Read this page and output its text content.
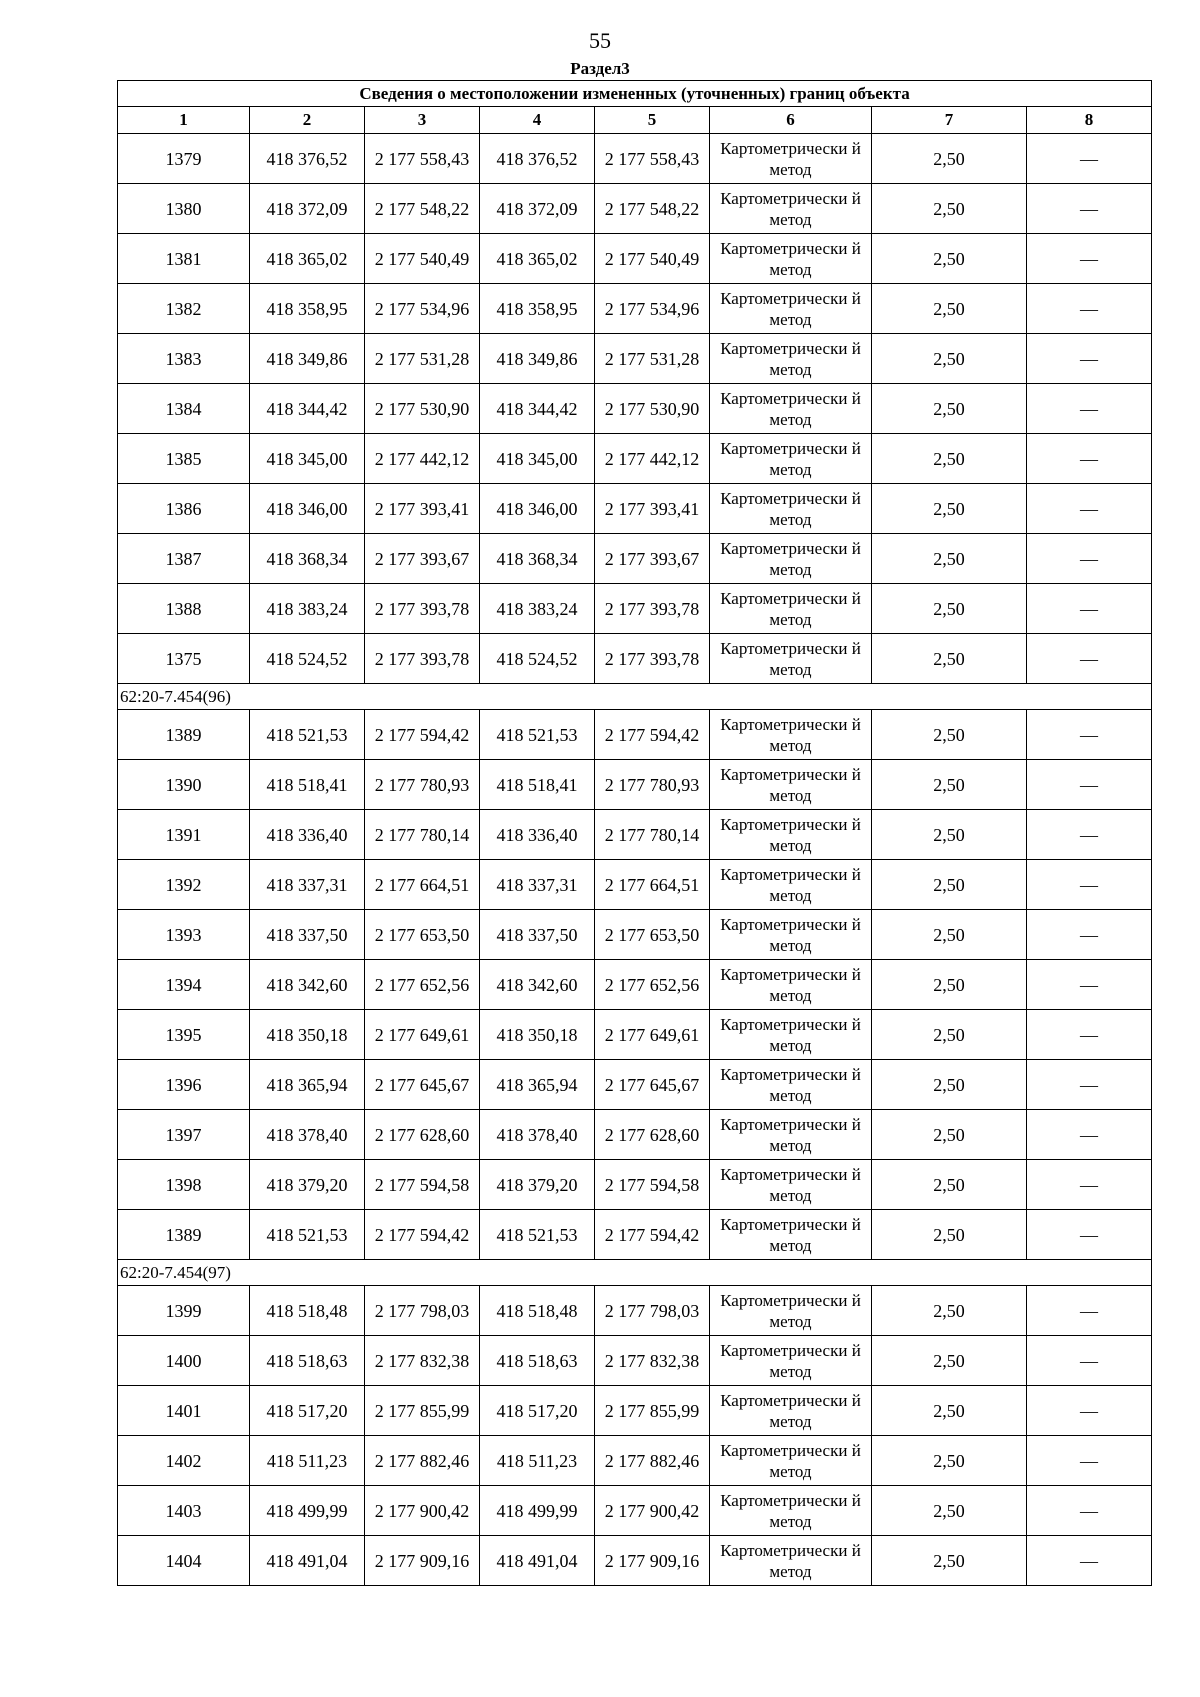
55
Раздел3
Сведения о местоположении измененных (уточненных) границ объекта							
1	2	3	4	5	6	7	8
1379	418 376,52	2 177 558,43	418 376,52	2 177 558,43	Картометрически й метод	2,50	—
1380	418 372,09	2 177 548,22	418 372,09	2 177 548,22	Картометрически й метод	2,50	—
1381	418 365,02	2 177 540,49	418 365,02	2 177 540,49	Картометрически й метод	2,50	—
1382	418 358,95	2 177 534,96	418 358,95	2 177 534,96	Картометрически й метод	2,50	—
1383	418 349,86	2 177 531,28	418 349,86	2 177 531,28	Картометрически й метод	2,50	—
1384	418 344,42	2 177 530,90	418 344,42	2 177 530,90	Картометрически й метод	2,50	—
1385	418 345,00	2 177 442,12	418 345,00	2 177 442,12	Картометрически й метод	2,50	—
1386	418 346,00	2 177 393,41	418 346,00	2 177 393,41	Картометрически й метод	2,50	—
1387	418 368,34	2 177 393,67	418 368,34	2 177 393,67	Картометрически й метод	2,50	—
1388	418 383,24	2 177 393,78	418 383,24	2 177 393,78	Картометрически й метод	2,50	—
1375	418 524,52	2 177 393,78	418 524,52	2 177 393,78	Картометрически й метод	2,50	—
62:20-7.454(96)							
1389	418 521,53	2 177 594,42	418 521,53	2 177 594,42	Картометрически й метод	2,50	—
1390	418 518,41	2 177 780,93	418 518,41	2 177 780,93	Картометрически й метод	2,50	—
1391	418 336,40	2 177 780,14	418 336,40	2 177 780,14	Картометрически й метод	2,50	—
1392	418 337,31	2 177 664,51	418 337,31	2 177 664,51	Картометрически й метод	2,50	—
1393	418 337,50	2 177 653,50	418 337,50	2 177 653,50	Картометрически й метод	2,50	—
1394	418 342,60	2 177 652,56	418 342,60	2 177 652,56	Картометрически й метод	2,50	—
1395	418 350,18	2 177 649,61	418 350,18	2 177 649,61	Картометрически й метод	2,50	—
1396	418 365,94	2 177 645,67	418 365,94	2 177 645,67	Картометрически й метод	2,50	—
1397	418 378,40	2 177 628,60	418 378,40	2 177 628,60	Картометрически й метод	2,50	—
1398	418 379,20	2 177 594,58	418 379,20	2 177 594,58	Картометрически й метод	2,50	—
1389	418 521,53	2 177 594,42	418 521,53	2 177 594,42	Картометрически й метод	2,50	—
62:20-7.454(97)							
1399	418 518,48	2 177 798,03	418 518,48	2 177 798,03	Картометрически й метод	2,50	—
1400	418 518,63	2 177 832,38	418 518,63	2 177 832,38	Картометрически й метод	2,50	—
1401	418 517,20	2 177 855,99	418 517,20	2 177 855,99	Картометрически й метод	2,50	—
1402	418 511,23	2 177 882,46	418 511,23	2 177 882,46	Картометрически й метод	2,50	—
1403	418 499,99	2 177 900,42	418 499,99	2 177 900,42	Картометрически й метод	2,50	—
1404	418 491,04	2 177 909,16	418 491,04	2 177 909,16	Картометрически й метод	2,50	—
